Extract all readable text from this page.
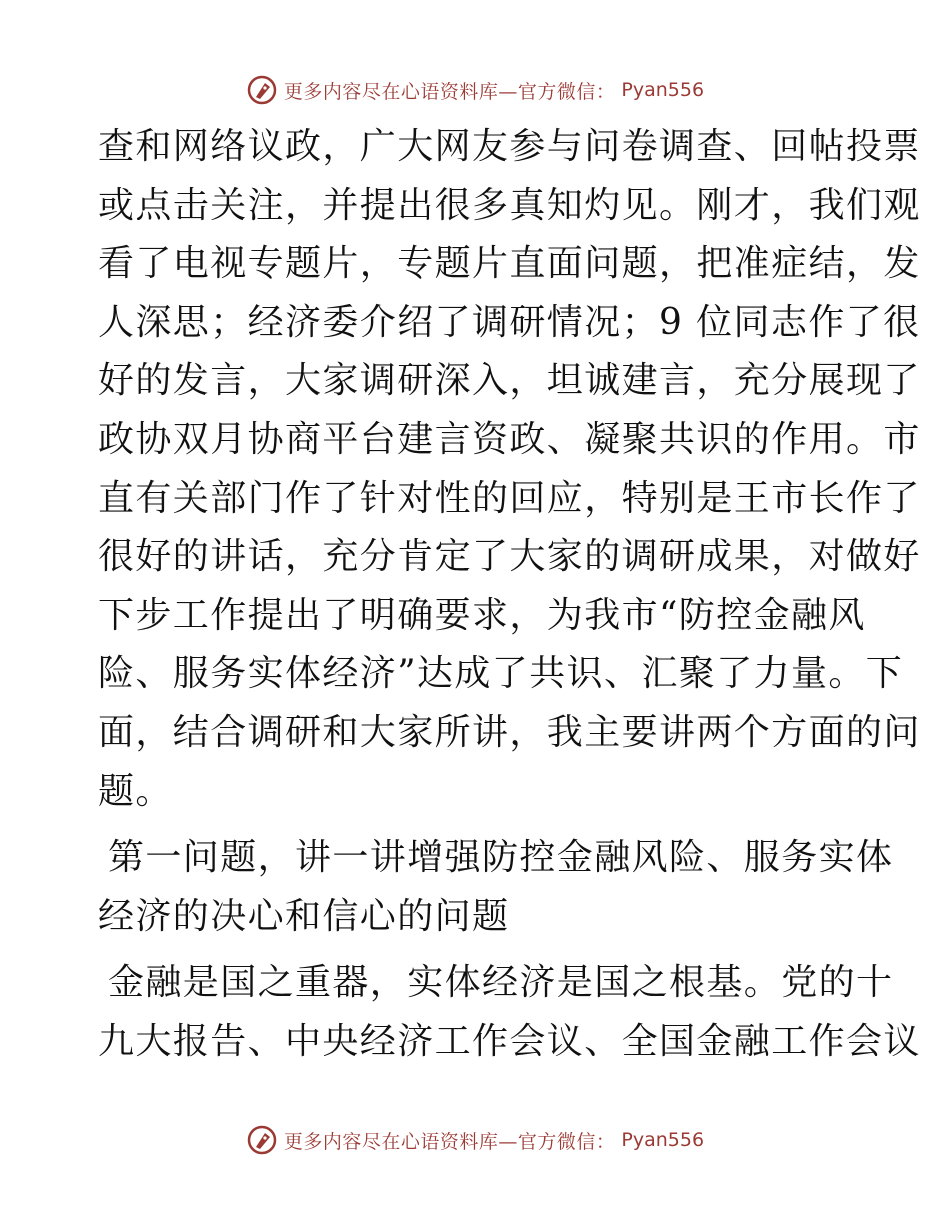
更多内容尽在心语资料库—官方微信： Pyan556
查和网络议政，广大网友参与问卷调查、回帖投票
或点击关注，并提出很多真知灼见。刚才，我们观
看了电视专题片，专题片直面问题，把准症结，发
人深思；经济委介绍了调研情况；9 位同志作了很
好的发言，大家调研深入，坦诚建言，充分展现了
政协双月协商平台建言资政、凝聚共识的作用。市
直有关部门作了针对性的回应，特别是王市长作了
很好的讲话，充分肯定了大家的调研成果，对做好
下步工作提出了明确要求，为我市“防控金融风
险、服务实体经济”达成了共识、汇聚了力量。下
面，结合调研和大家所讲，我主要讲两个方面的问
题。
第一问题，讲一讲增强防控金融风险、服务实体
经济的决心和信心的问题
金融是国之重器，实体经济是国之根基。党的十
九大报告、中央经济工作会议、全国金融工作会议
更多内容尽在心语资料库—官方微信： Pyan556
